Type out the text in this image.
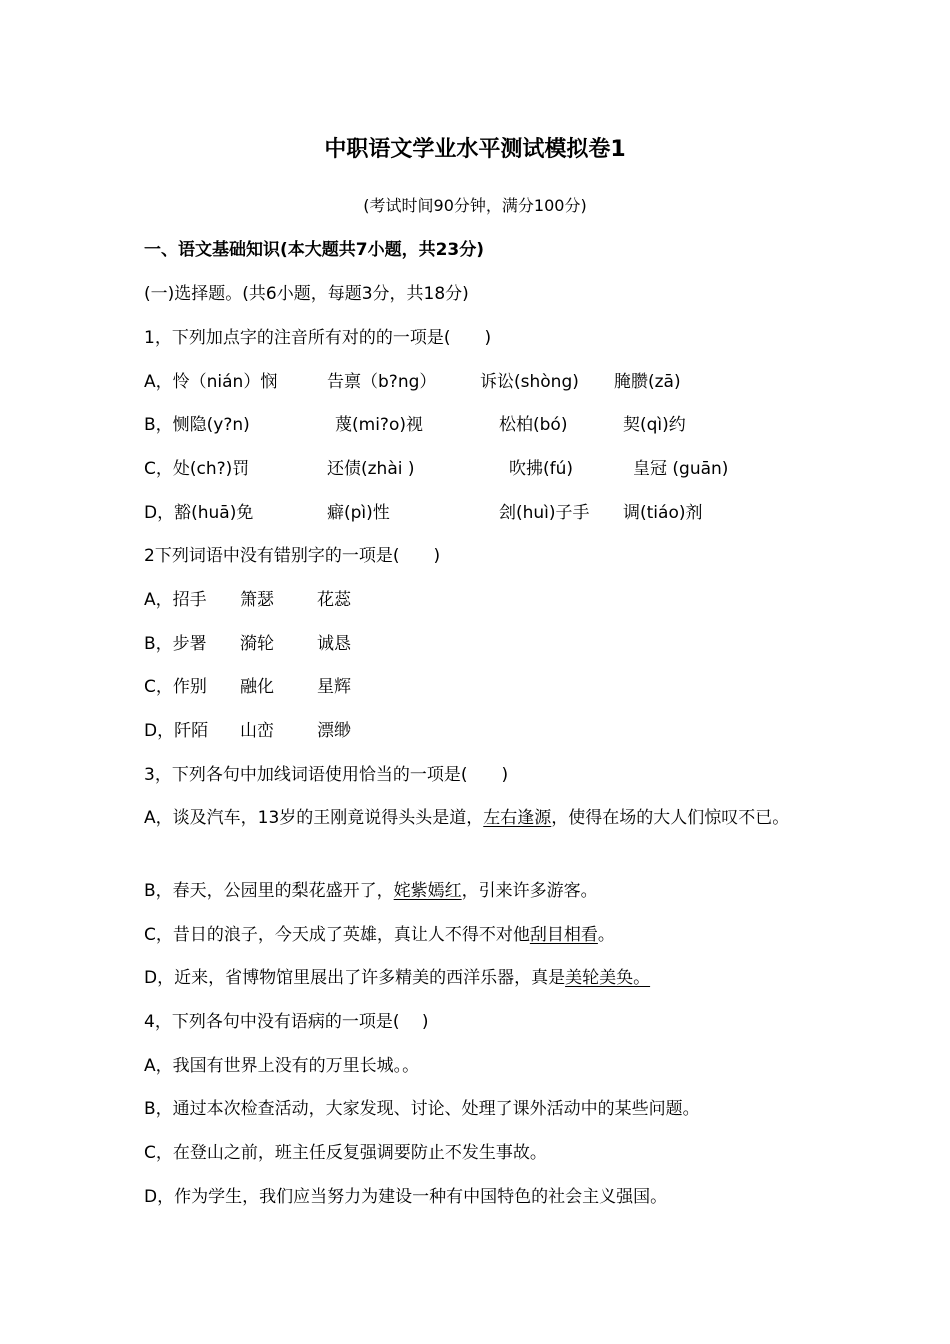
中职语文学业水平测试模拟卷1
(考试时间90分钟，满分100分)
一、语文基础知识(本大题共7小题，共23分)
(一)选择题。(共6小题，每题3分，共18分)
1，下列加点字的注音所有对的的一项是(　　)
A，怜（nián）悯	告禀（b?ng）	诉讼(shòng) 腌臜(zā)
B，恻隐(y?n)	蔑(mi?o)视	松柏(bó)	契(qì)约
C，处(ch?)罚	还债(zhài )	吹拂(fú)	皇冠 (guān)
D，豁(huā)免	癖(pì)性	刽(huì)子手 调(tiáo)剂
2下列词语中没有错别字的一项是(　　)
A，招手 箫瑟	花蕊
B，步署 漪轮	诚恳
C，作别 融化	星辉
D，阡陌 山峦	漂缈
3，下列各句中加线词语使用恰当的一项是(　　)
A，谈及汽车，13岁的王刚竟说得头头是道，左右逢源，使得在场的大人们惊叹不已。
B，春天，公园里的梨花盛开了，姹紫嫣红，引来许多游客。
C，昔日的浪子，今天成了英雄，真让人不得不对他刮目相看。
D，近来，省博物馆里展出了许多精美的西洋乐器，真是美轮美奂。
4，下列各句中没有语病的一项是(　 )
A，我国有世界上没有的万里长城。。
B，通过本次检查活动，大家发现、讨论、处理了课外活动中的某些问题。
C，在登山之前，班主任反复强调要防止不发生事故。
D，作为学生，我们应当努力为建设一种有中国特色的社会主义强国。
